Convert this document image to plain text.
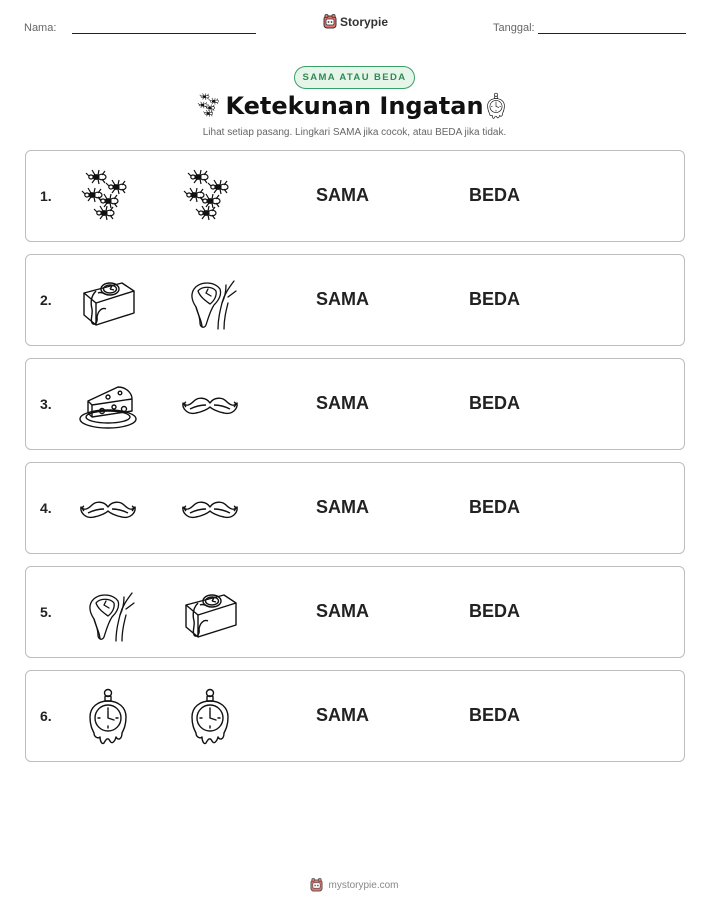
Nama:	Storypie	Tanggal:
SAMA ATAU BEDA
Ketekunan Ingatan
Lihat setiap pasang. Lingkari SAMA jika cocok, atau BEDA jika tidak.
1.	SAMA	BEDA
2.	SAMA	BEDA
3.	SAMA	BEDA
4.	SAMA	BEDA
5.	SAMA	BEDA
6.	SAMA	BEDA
mystorypie.com
